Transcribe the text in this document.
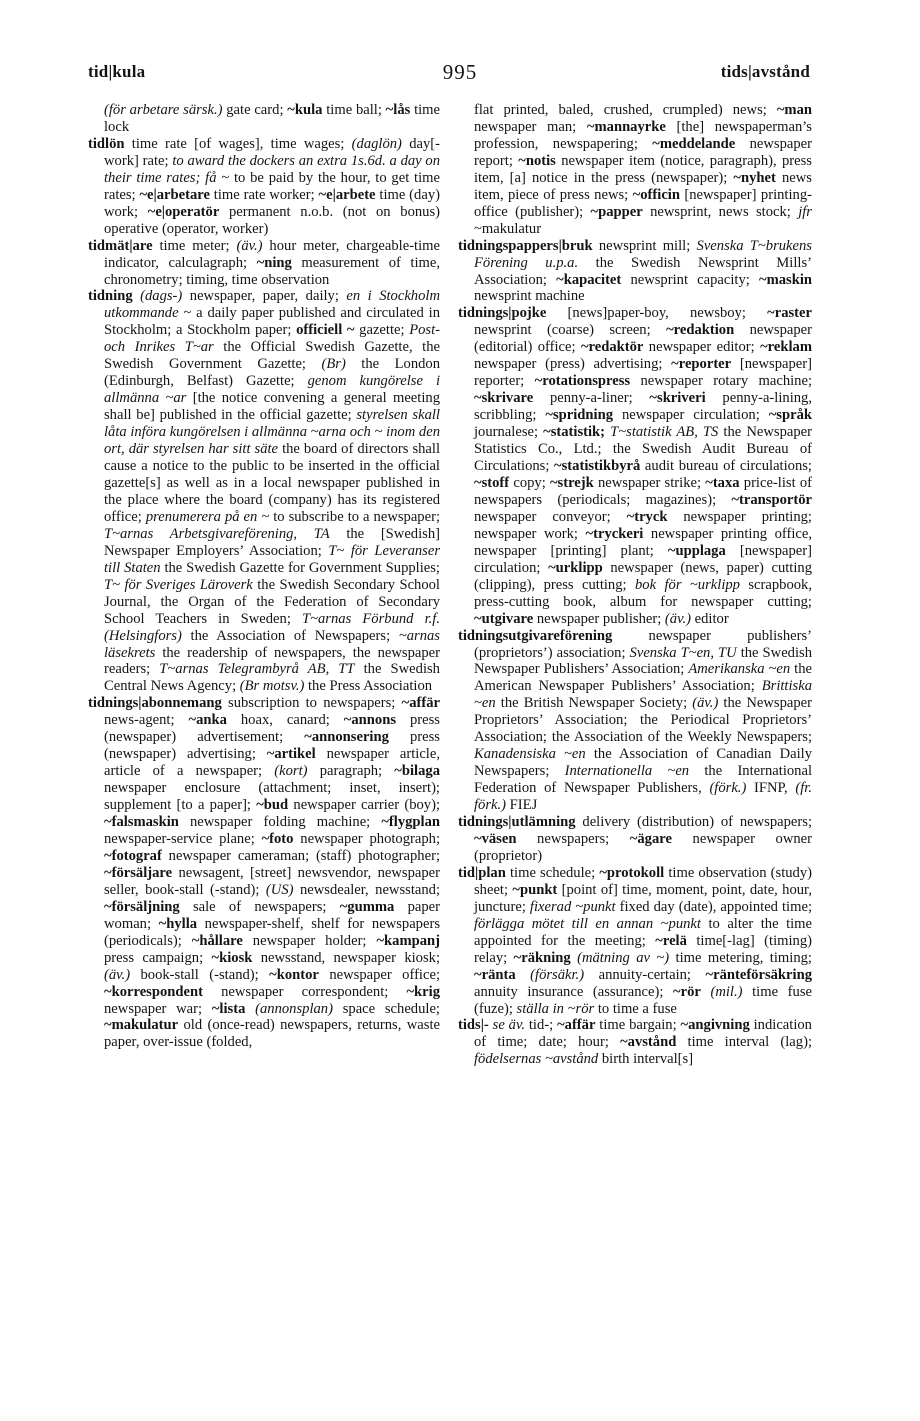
tid|kula	995	tids|avstånd

(för arbetare särsk.) gate card; ~kula time ball; ~lås time lock

tidlön time rate [of wages], time wages; (daglön) day[-work] rate; to award the dockers an extra 1s.6d. a day on their time rates; få ~ to be paid by the hour, to get time rates; ~e|arbetare time rate worker; ~e|arbete time (day) work; ~e|operatör permanent n.o.b. (not on bonus) operative (operator, worker)

tidmät|are time meter; (äv.) hour meter, chargeable-time indicator, calculagraph; ~ning measurement of time, chronometry; timing, time observation

tidning (dags-) newspaper, paper, daily; en i Stockholm utkommande ~ a daily paper published and circulated in Stockholm; a Stockholm paper; officiell ~ gazette; Post- och Inrikes T~ar the Official Swedish Gazette, the Swedish Government Gazette; (Br) the London (Edinburgh, Belfast) Gazette; genom kungörelse i allmänna ~ar [the notice convening a general meeting shall be] published in the official gazette; styrelsen skall låta införa kungörelsen i allmänna ~arna och ~ inom den ort, där styrelsen har sitt säte the board of directors shall cause a notice to the public to be inserted in the official gazette[s] as well as in a local newspaper published in the place where the board (company) has its registered office; prenumerera på en ~ to subscribe to a newspaper; T~arnas Arbetsgivareförening, TA the [Swedish] Newspaper Employers’ Association; T~ för Leveranser till Staten the Swedish Gazette for Government Supplies; T~ för Sveriges Läroverk the Swedish Secondary School Journal, the Organ of the Federation of Secondary School Teachers in Sweden; T~arnas Förbund r.f. (Helsingfors) the Association of Newspapers; ~arnas läsekrets the readership of newspapers, the newspaper readers; T~arnas Telegrambyrå AB, TT the Swedish Central News Agency; (Br motsv.) the Press Association

tidnings|abonnemang subscription to newspapers; ~affär news-agent; ~anka hoax, canard; ~annons press (newspaper) advertisement; ~annonsering press (newspaper) advertising; ~artikel newspaper article, article of a newspaper; (kort) paragraph; ~bilaga newspaper enclosure (attachment; inset, insert); supplement [to a paper]; ~bud newspaper carrier (boy); ~falsmaskin newspaper folding machine; ~flygplan newspaper-service plane; ~foto newspaper photograph; ~fotograf newspaper cameraman; (staff) photographer; ~försäljare newsagent, [street] newsvendor, newspaper seller, book-stall (-stand); (US) newsdealer, newsstand; ~försäljning sale of newspapers; ~gumma paper woman; ~hylla newspaper-shelf, shelf for newspapers (periodicals); ~hållare newspaper holder; ~kampanj press campaign; ~kiosk newsstand, newspaper kiosk; (äv.) book-stall (-stand); ~kontor newspaper office; ~korrespondent newspaper correspondent; ~krig newspaper war; ~lista (annonsplan) space schedule; ~makulatur old (once-read) newspapers, returns, waste paper, over-issue (folded,

flat printed, baled, crushed, crumpled) news; ~man newspaper man; ~mannayrke [the] newspaperman’s profession, newspapering; ~meddelande newspaper report; ~notis newspaper item (notice, paragraph), press item, [a] notice in the press (newspaper); ~nyhet news item, piece of press news; ~officin [newspaper] printing-office (publisher); ~papper newsprint, news stock; jfr ~makulatur

tidningspappers|bruk newsprint mill; Svenska T~brukens Förening u.p.a. the Swedish Newsprint Mills’ Association; ~kapacitet newsprint capacity; ~maskin newsprint machine

tidnings|pojke [news]paper-boy, newsboy; ~raster newsprint (coarse) screen; ~redaktion newspaper (editorial) office; ~redaktör newspaper editor; ~reklam newspaper (press) advertising; ~reporter [newspaper] reporter; ~rotationspress newspaper rotary machine; ~skrivare penny-a-liner; ~skriveri penny-a-lining, scribbling; ~spridning newspaper circulation; ~språk journalese; ~statistik; T~statistik AB, TS the Newspaper Statistics Co., Ltd.; the Swedish Audit Bureau of Circulations; ~statistikbyrå audit bureau of circulations; ~stoff copy; ~strejk newspaper strike; ~taxa price-list of newspapers (periodicals; magazines); ~transportör newspaper conveyor; ~tryck newspaper printing; newspaper work; ~tryckeri newspaper printing office, newspaper [printing] plant; ~upplaga [newspaper] circulation; ~urklipp newspaper (news, paper) cutting (clipping), press cutting; bok för ~urklipp scrapbook, press-cutting book, album for newspaper cutting; ~utgivare newspaper publisher; (äv.) editor

tidningsutgivareförening newspaper publishers’ (proprietors’) association; Svenska T~en, TU the Swedish Newspaper Publishers’ Association; Amerikanska ~en the American Newspaper Publishers’ Association; Brittiska ~en the British Newspaper Society; (äv.) the Newspaper Proprietors’ Association; the Periodical Proprietors’ Association; the Association of the Weekly Newspapers; Kanadensiska ~en the Association of Canadian Daily Newspapers; Internationella ~en the International Federation of Newspaper Publishers, (förk.) IFNP, (fr. förk.) FIEJ

tidnings|utlämning delivery (distribution) of newspapers; ~väsen newspapers; ~ägare newspaper owner (proprietor)

tid|plan time schedule; ~protokoll time observation (study) sheet; ~punkt [point of] time, moment, point, date, hour, juncture; fixerad ~punkt fixed day (date), appointed time; förlägga mötet till en annan ~punkt to alter the time appointed for the meeting; ~relä time[-lag] (timing) relay; ~räkning (mätning av ~) time metering, timing; ~ränta (försäkr.) annuity-certain; ~ränteförsäkring annuity insurance (assurance); ~rör (mil.) time fuse (fuze); ställa in ~rör to time a fuse

tids|- se äv. tid-; ~affär time bargain; ~angivning indication of time; date; hour; ~avstånd time interval (lag); födelsernas ~avstånd birth interval[s]
